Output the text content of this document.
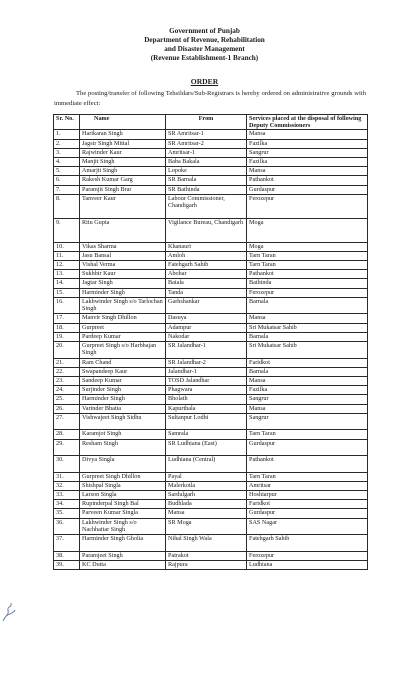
Government of Punjab
Department of Revenue, Rehabilitation
and Disaster Management
(Revenue Establishment-1 Branch)
ORDER
The posting/transfer of following Tehsildars/Sub-Registrars is hereby ordered on administrative grounds with immediate effect:
Sr. No.	Name	From	Services placed at the disposal of following Deputy Commissioners
1.	Harikaran Singh	SR Amritsar-1	Mansa
2.	Jagsir Singh Mittal	SR Amritsar-2	Fazilka
3.	Rajwinder Kaur	Amritsar-1	Sangrur
4.	Manjit Singh	Baba Bakala	Fazilka
5.	Amarjit Singh	Lopoke	Mansa
6.	Rakesh Kumar Garg	SR Barnala	Pathankot
7.	Paramjit Singh Brar	SR Bathinda	Gurdaspur
8.	Tanveer Kaur	Labour Commissioner, Chandigarh	Ferozepur
9.	Ritu Gupta	Vigilance Bureau, Chandigarh	Moga
10.	Vikas Sharma	Khanauri	Moga
11.	Jasu Bansal	Amloh	Tarn Taran
12.	Vishal Verma	Fatehgarh Sahib	Tarn Taran
13.	Sukhbir Kaur	Abohar	Pathankot
14.	Jagtar Singh	Batala	Bathinda
15.	Harminder Singh	Tanda	Ferozepur
16.	Lakhwinder Singh s/o Tarlochan Singh	Garhshankar	Barnala
17.	Manvir Singh Dhillon	Dasuya	Mansa
18.	Gurpreet	Adampur	Sri Mukatsar Sahib
19.	Pardeep Kumar	Nakodar	Barnala
20.	Gurpreet Singh s/o Harbhajan Singh	SR Jalandhar-1	Sri Mukatsar Sahib
21.	Ram Chand	SR Jalandhar-2	Faridkot
22.	Swapandeep Kaur	Jalandhar-1	Barnala
23.	Sandeep Kumar	TOSD Jalandhar	Mansa
24.	Surjinder Singh	Phagwara	Fazilka
25.	Harminder Singh	Bholath	Sangrur
26.	Varinder Bhatia	Kapurthala	Mansa
27.	Vishwajeet Singh Sidhu	Sultanpur Lodhi	Sangrur
28.	Karamjot Singh	Samrala	Tarn Taran
29.	Resham Singh	SR Ludhiana (East)	Gurdaspur
30.	Divya Singla	Ludhiana (Central)	Pathankot
31.	Gurpreet Singh Dhillon	Payal	Tarn Taran
32.	Shishpal Singla	Malerkotla	Amritsar
33.	Larson Singla	Sardulgarh	Hoshiarpur
34.	Rupinderpal Singh Bal	Budhlada	Faridkot
35.	Parveen Kumar Singla	Mansa	Gurdaspur
36.	Lakhwinder Singh s/o Nachhattar Singh	SR Moga	SAS Nagar
37.	Harminder Singh Gholia	Nihal Singh Wala	Fatehgarh Sahib
38.	Paramjeet Singh	Patrakot	Ferozepur
39.	KC Dutta	Rajpura	Ludhiana
